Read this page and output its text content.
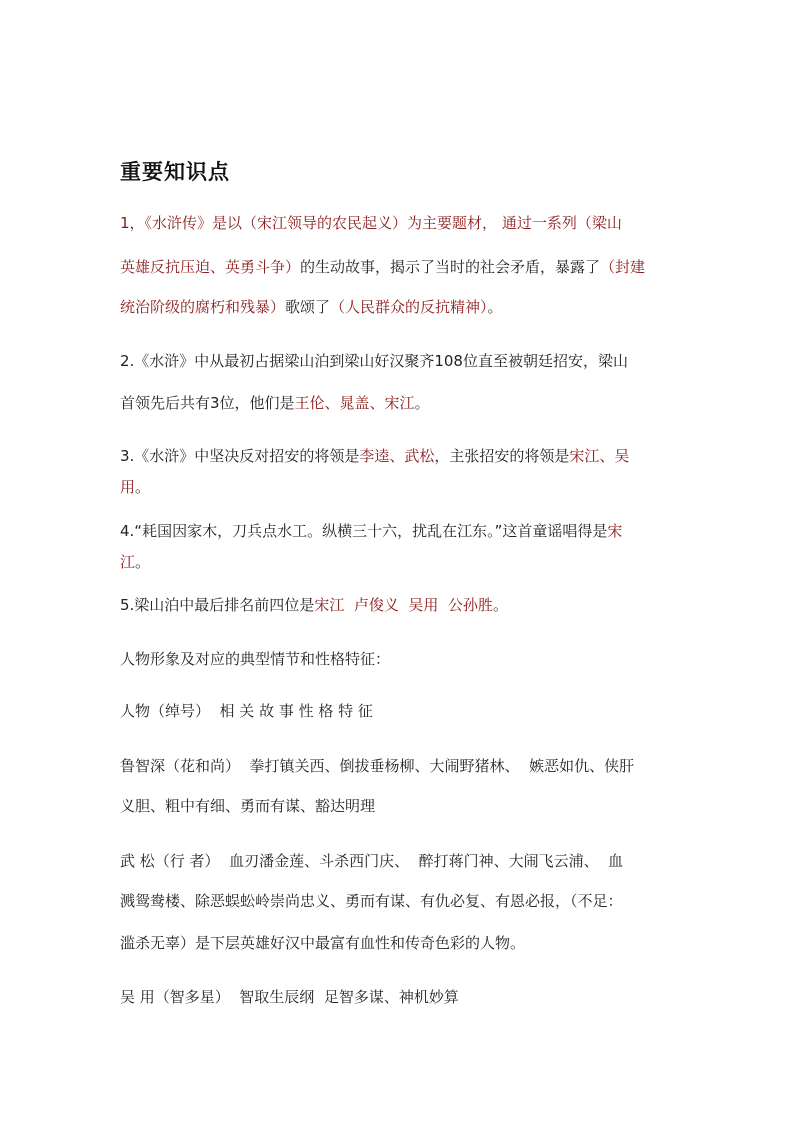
重要知识点
1，《水浒传》是以（宋江领导的农民起义）为主要题材， 通过一系列（梁山
英雄反抗压迫、英勇斗争）的生动故事，揭示了当时的社会矛盾，暴露了（封建
统治阶级的腐朽和残暴）歌颂了（人民群众的反抗精神）。
2.《水浒》中从最初占据梁山泊到梁山好汉聚齐108位直至被朝廷招安，梁山
首领先后共有3位，他们是王伦、晁盖、宋江。
3.《水浒》中坚决反对招安的将领是李逵、武松，主张招安的将领是宋江、吴
用。
4.“耗国因家木，刀兵点水工。纵横三十六，扰乱在江东。”这首童谣唱得是宋
江。
5.梁山泊中最后排名前四位是宋江  卢俊义  吴用  公孙胜。
人物形象及对应的典型情节和性格特征：
人物（绰号）  相 关 故 事 性 格 特 征
鲁智深（花和尚）  拳打镇关西、倒拔垂杨柳、大闹野猪林、  嫉恶如仇、侠肝
义胆、粗中有细、勇而有谋、豁达明理
武 松（行 者）  血刃潘金莲、斗杀西门庆、  醉打蒋门神、大闹飞云浦、  血
溅鸳鸯楼、除恶蜈蚣岭崇尚忠义、勇而有谋、有仇必复、有恩必报，（不足：
滥杀无辜）是下层英雄好汉中最富有血性和传奇色彩的人物。
吴 用（智多星）  智取生辰纲  足智多谋、神机妙算
